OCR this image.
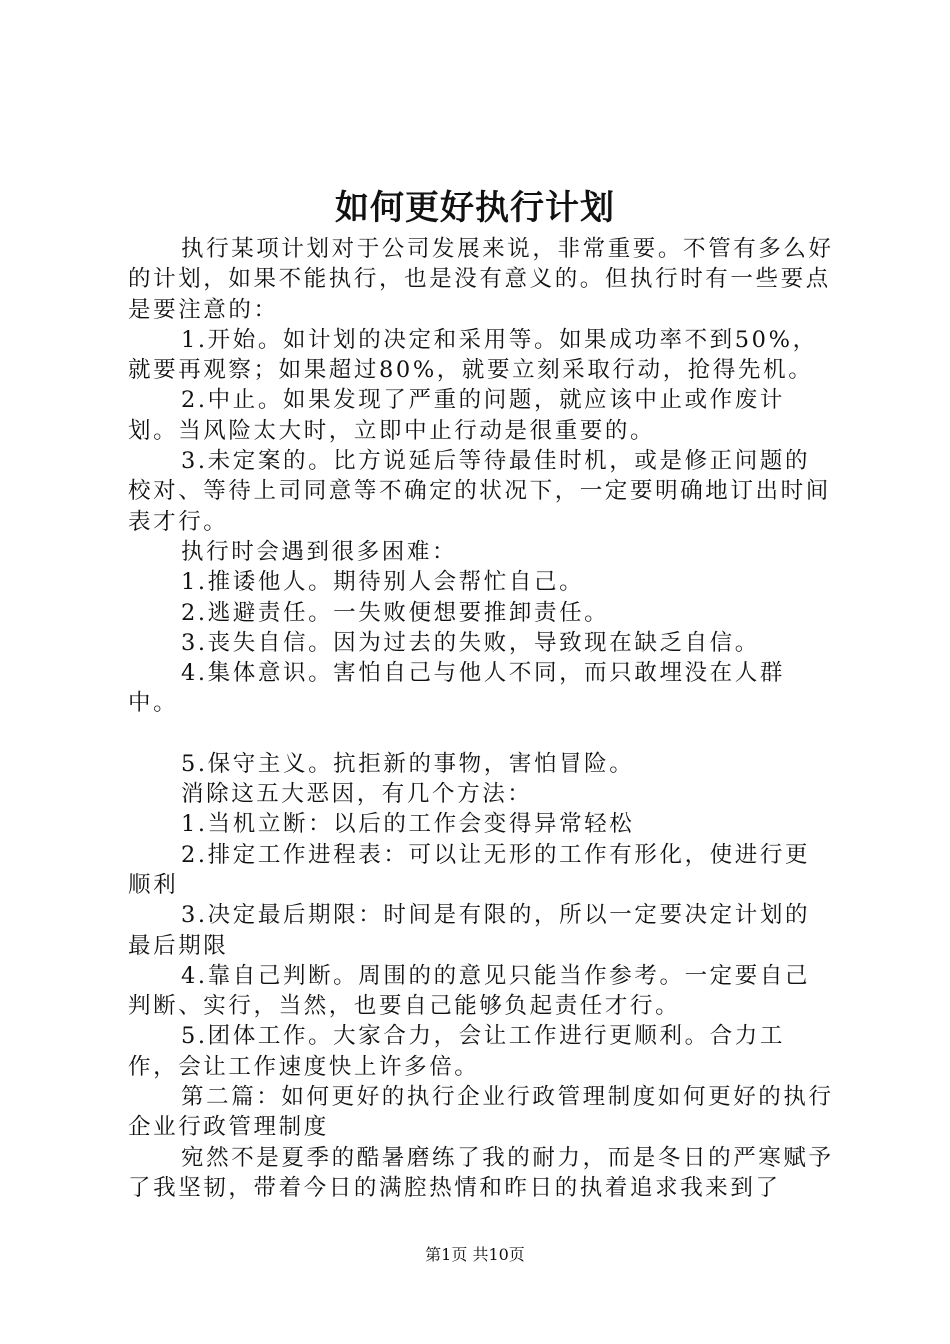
如何更好执行计划

执行某项计划对于公司发展来说，非常重要。不管有多么好的计划，如果不能执行，也是没有意义的。但执行时有一些要点是要注意的：

1.开始。如计划的决定和采用等。如果成功率不到50%，就要再观察；如果超过80%，就要立刻采取行动，抢得先机。

2.中止。如果发现了严重的问题，就应该中止或作废计划。当风险太大时，立即中止行动是很重要的。

3.未定案的。比方说延后等待最佳时机，或是修正问题的校对、等待上司同意等不确定的状况下，一定要明确地订出时间表才行。

执行时会遇到很多困难：

1.推诿他人。期待别人会帮忙自己。

2.逃避责任。一失败便想要推卸责任。

3.丧失自信。因为过去的失败，导致现在缺乏自信。

4.集体意识。害怕自己与他人不同，而只敢埋没在人群中。

5.保守主义。抗拒新的事物，害怕冒险。

消除这五大恶因，有几个方法：

1.当机立断：以后的工作会变得异常轻松

2.排定工作进程表：可以让无形的工作有形化，使进行更顺利

3.决定最后期限：时间是有限的，所以一定要决定计划的最后期限

4.靠自己判断。周围的的意见只能当作参考。一定要自己判断、实行，当然，也要自己能够负起责任才行。

5.团体工作。大家合力，会让工作进行更顺利。合力工作，会让工作速度快上许多倍。

第二篇：如何更好的执行企业行政管理制度如何更好的执行企业行政管理制度

宛然不是夏季的酷暑磨练了我的耐力，而是冬日的严寒赋予了我坚韧，带着今日的满腔热情和昨日的执着追求我来到了

第1页 共10页
